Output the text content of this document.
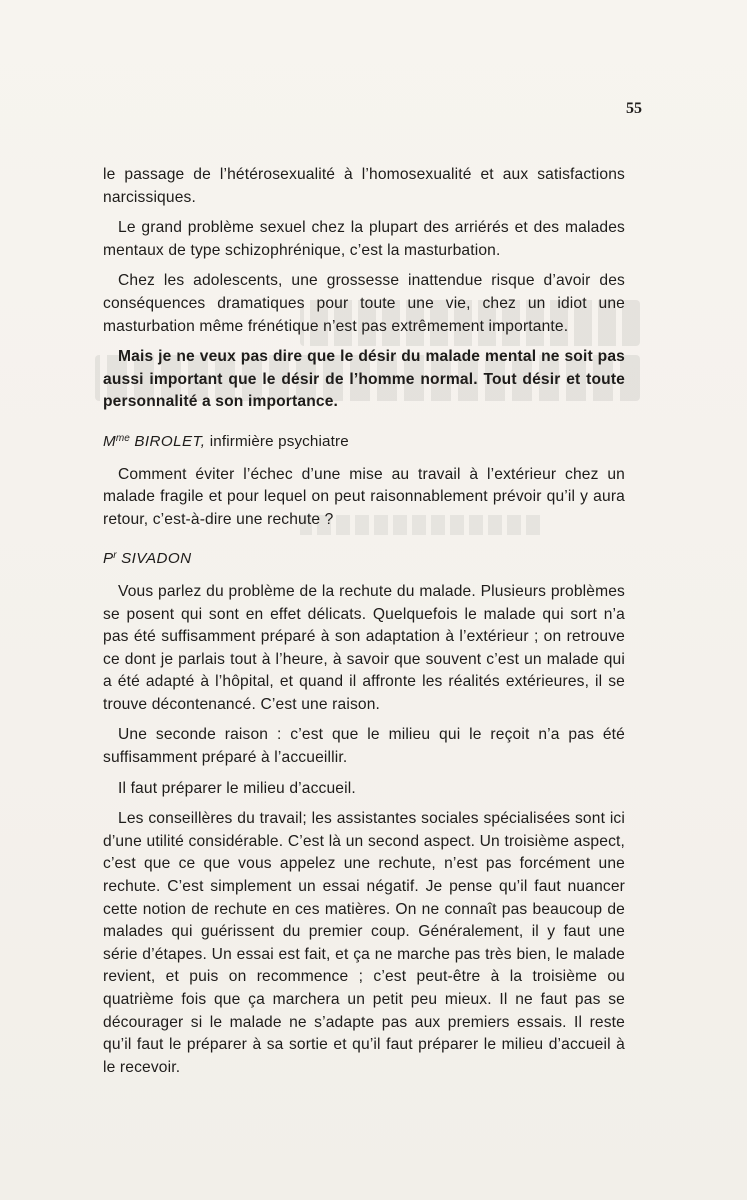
55

le passage de l’hétérosexualité à l’homosexualité et aux satisfactions narcissiques.

Le grand problème sexuel chez la plupart des arriérés et des malades mentaux de type schizophrénique, c’est la masturbation.

Chez les adolescents, une grossesse inattendue risque d’avoir des conséquences dramatiques pour toute une vie, chez un idiot une masturbation même frénétique n’est pas extrêmement importante.

Mais je ne veux pas dire que le désir du malade mental ne soit pas aussi important que le désir de l’homme normal. Tout désir et toute personnalité a son importance.

$M^{me}$ BIROLET, infirmière psychiatre

Comment éviter l’échec d’une mise au travail à l’extérieur chez un malade fragile et pour lequel on peut raisonnablement prévoir qu’il y aura retour, c’est-à-dire une rechute ?

$P^r$ SIVADON

Vous parlez du problème de la rechute du malade. Plusieurs problèmes se posent qui sont en effet délicats. Quelquefois le malade qui sort n’a pas été suffisamment préparé à son adaptation à l’extérieur ; on retrouve ce dont je parlais tout à l’heure, à savoir que souvent c’est un malade qui a été adapté à l’hôpital, et quand il affronte les réalités extérieures, il se trouve décontenancé. C’est une raison.

Une seconde raison : c’est que le milieu qui le reçoit n’a pas été suffisamment préparé à l’accueillir.

Il faut préparer le milieu d’accueil.

Les conseillères du travail; les assistantes sociales spécialisées sont ici d’une utilité considérable. C’est là un second aspect. Un troisième aspect, c’est que ce que vous appelez une rechute, n’est pas forcément une rechute. C’est simplement un essai négatif. Je pense qu’il faut nuancer cette notion de rechute en ces matières. On ne connaît pas beaucoup de malades qui guérissent du premier coup. Généralement, il y faut une série d’étapes. Un essai est fait, et ça ne marche pas très bien, le malade revient, et puis on recommence ; c’est peut-être à la troisième ou quatrième fois que ça marchera un petit peu mieux. Il ne faut pas se décourager si le malade ne s’adapte pas aux premiers essais. Il reste qu’il faut le préparer à sa sortie et qu’il faut préparer le milieu d’accueil à le recevoir.
